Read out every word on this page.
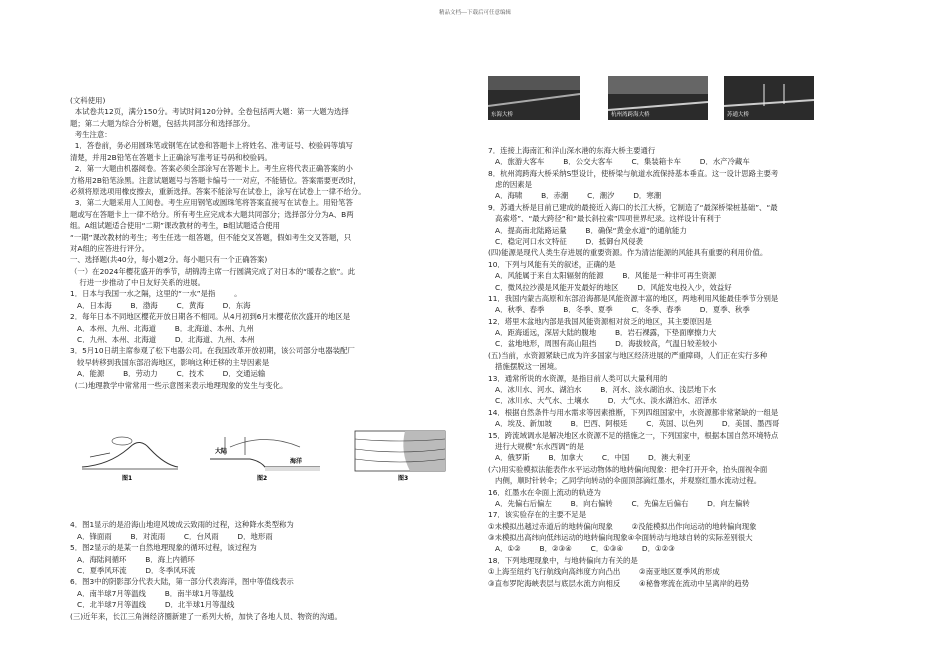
精品文档---下载后可任意编辑

(文科使用)
本试卷共12页，满分150分。考试时间120分钟。全卷包括两大题：第一大题为选择
题；第二大题为综合分析题，包括共同部分和选择部分。
考生注意：
1．答卷前，务必用圆珠笔或钢笔在试卷和答题卡上将姓名、准考证号、校验码等填写
清楚，并用2B铅笔在答题卡上正确涂写准考证号码和校验码。
2．第一大题由机器阅卷。答案必须全部涂写在答题卡上。考生应将代表正确答案的小
方格用2B铅笔涂黑。注意试题题号与答题卡编号一一对应，不能错位。答案需要更改时，
必须将原选项用橡皮擦去，重新选择。答案不能涂写在试卷上，涂写在试卷上一律不给分。
3．第二大题采用人工阅卷。考生应用钢笔或圆珠笔将答案直接写在试卷上。用铅笔答
题或写在答题卡上一律不给分。所有考生应完成本大题共同部分；选择部分分为A、B两
组。A组试题适合使用“二期”课改教材的考生，B组试题适合使用
“一期”课改教材的考生；考生任选一组答题，但不能交叉答题，假如考生交叉答题，只
对A组的应答进行评分。
一、选择题(共40分，每小题2分。每小题只有一个正确答案)
（一）在2024年樱花盛开的季节，胡锦涛主席一行圆满完成了对日本的“暖春之旅”。此
行进一步推动了中日友好关系的进展。
1．日本与我国一水之隔，这里的“一水”是指        。
A．日本海        B．渤海        C．黄海        D．东海
2．每年日本不同地区樱花开放日期各不相同。从4月初到6月末樱花依次盛开的地区是
A．本州、九州、北海道        B．北海道、本州、九州
C．九州、本州、北海道        D．北海道、九州、本州
3．5月10日胡主席参观了松下电器公司。在我国改革开放初期，该公司部分电器装配厂
较早转移到我国东部沿海地区，影响这种迁移的主导因素是
A．能源        B．劳动力        C．技术        D．交通运输
(二)地理教学中常常用一些示意图来表示地理现象的发生与变化。

图1

大陆
海洋
图2

	图3

4．图1显示的是沿海山地迎风坡成云致雨的过程，这种降水类型称为
A．锋面雨        B．对流雨        C．台风雨        D．地形雨
5．图2显示的是某一自然地理现象的循环过程，该过程为
A．海陆间循环        B．海上内循环
C．夏季风环流        D．冬季风环流
6．图3中的阴影部分代表大陆，第一部分代表海洋，图中等值线表示
A．南半球7月等温线        B．南半球1月等温线
C．北半球7月等温线        D．北半球1月等温线
(三)近年来，长江三角洲经济圈新建了一系列大桥，加快了各地人员、物资的沟通。

东海大桥	杭州湾跨海大桥	苏通大桥

7．连接上海南汇和洋山深水港的东海大桥主要通行
A．旅游大客车        B．公交大客车        C．集装箱卡车        D．水产冷藏车
8．杭州湾跨海大桥采纳S型设计，使桥梁与航道水流保持基本垂直。这一设计思路主要考
虑的因素是
A．海啸        B．赤潮        C．潮汐        D．寒潮
9．苏通大桥是目前已建成的最接近入海口的长江大桥，它制造了“最深桥梁桩基础”、“最
高索塔”、“最大跨径”和“最长斜拉索”四项世界纪录。这样设计有利于
A．提高南北陆路运量        B．确保“黄金水道”的通航能力
C．稳定河口水文特征        D．抵御台风侵袭
(四)能源是现代人类生存进展的重要资源。作为清洁能源的风能具有重要的利用价值。
10．下列与风能有关的叙述，正确的是
A．风能属于来自太阳辐射的能源        B．风能是一种非可再生资源
C．微风拉沙漠是风能开发最好的地区        D．风能发电投入少，效益好
11．我国内蒙古高原和东部沿海都是风能资源丰富的地区，两地利用风能最佳季节分别是
A．秋季、春季        B．冬季、夏季        C．冬季、春季        D．夏季、秋季
12．塔里木盆地内部是我国风能资源相对贫乏的地区，其主要原因是
A．距海遥远，深居大陆的腹地        B．岩石裸露，下垫面摩擦力大
C．盆地地形，周围有高山阻挡        D．海拔较高，气温日较差较小
(五)当前，水资源紧缺已成为许多国家与地区经济进展的严重障碍，人们正在实行多种
措施摆脱这一困境。
13．通常所说的水资源，是指目前人类可以大量利用的
A．冰川水、河水、湖泊水        B．河水、淡水湖泊水、浅层地下水
C．冰川水、大气水、土壤水        D．大气水、淡水湖泊水、沼泽水
14．根据自然条件与用水需求等因素推断，下列四组国家中，水资源都非常紧缺的一组是
A．埃及、新加坡        B．巴西、阿根廷        C．英国、以色列        D．美国、墨西哥
15．跨流域调水是解决地区水资源不足的措施之一，下列国家中，根据本国自然环境特点
进行大规模“东水西调”的是
A．俄罗斯        B．加拿大        C．中国        D．澳大利亚
(六)用实验模拟法能表作水平运动物体的地转偏向现象：把伞打开开伞，抬头面视伞面
内侧，顺时针转伞；乙同学向转动的伞面顶部滴红墨水，并观察红墨水流动过程。
16．红墨水在伞面上流动的轨迹为
A．先偏右后偏左        B．向右偏转        C．先偏左后偏右        D．向左偏转
17．该实验存在的主要不足是
①未模拟出越过赤道后的地转偏向现象        ②没能模拟出作向运动的地转偏向现象
③未模拟出高纬向低纬运动的地转偏向现象④伞面转动与地球自转的实际差别很大
A．①②        B．②③④        C．①③④        D．①②③
18．下列地理现象中，与地转偏向力有关的是
①上海至纽约飞行航线向高纬度方向凸出        ②南亚地区夏季风的形成
③直布罗陀海峡表层与底层水流方向相反        ④秘鲁寒流在流动中呈离岸的趋势
